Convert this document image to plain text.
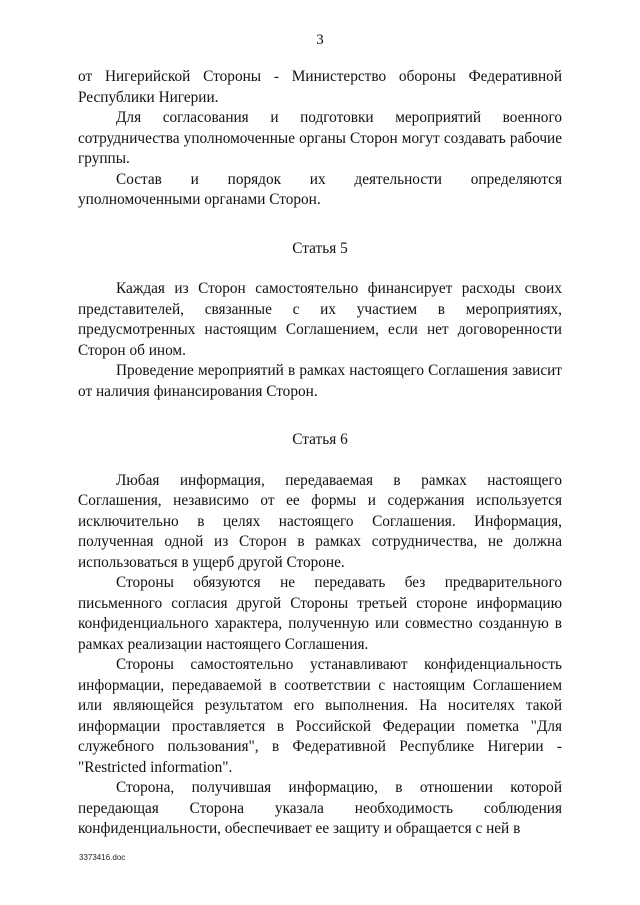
3

от Нигерийской Стороны - Министерство обороны Федеративной Республики Нигерии.

Для согласования и подготовки мероприятий военного сотрудничества уполномоченные органы Сторон могут создавать рабочие группы.

Состав и порядок их деятельности определяются уполномоченными органами Сторон.

Статья 5

Каждая из Сторон самостоятельно финансирует расходы своих представителей, связанные с их участием в мероприятиях, предусмотренных настоящим Соглашением, если нет договоренности Сторон об ином.

Проведение мероприятий в рамках настоящего Соглашения зависит от наличия финансирования Сторон.

Статья 6

Любая информация, передаваемая в рамках настоящего Соглашения, независимо от ее формы и содержания используется исключительно в целях настоящего Соглашения. Информация, полученная одной из Сторон в рамках сотрудничества, не должна использоваться в ущерб другой Стороне.

Стороны обязуются не передавать без предварительного письменного согласия другой Стороны третьей стороне информацию конфиденциального характера, полученную или совместно созданную в рамках реализации настоящего Соглашения.

Стороны самостоятельно устанавливают конфиденциальность информации, передаваемой в соответствии с настоящим Соглашением или являющейся результатом его выполнения. На носителях такой информации проставляется в Российской Федерации пометка "Для служебного пользования", в Федеративной Республике Нигерии - "Restricted information".

Сторона, получившая информацию, в отношении которой передающая Сторона указала необходимость соблюдения конфиденциальности, обеспечивает ее защиту и обращается с ней в

3373416.doc
